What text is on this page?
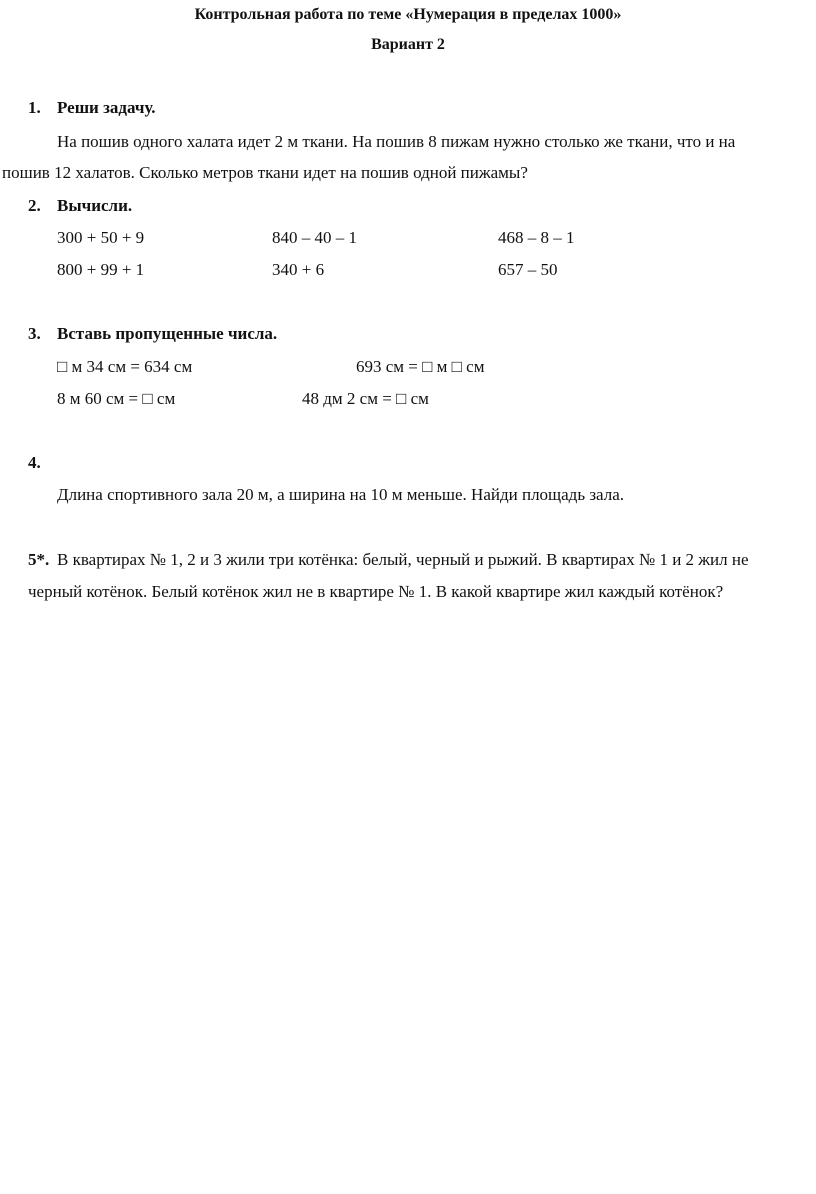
Контрольная работа по теме «Нумерация в пределах 1000»
Вариант 2
1. Реши задачу.
На пошив одного халата идет 2 м ткани. На пошив 8 пижам нужно столько же ткани, что и на
пошив 12 халатов. Сколько метров ткани идет на пошив одной пижамы?
2. Вычисли.
300 + 50 + 9	840 – 40 – 1	468 – 8 – 1
800 + 99 + 1	340 + 6	657 – 50
3. Вставь пропущенные числа.
□ м 34 см = 634 см	693 см = □ м □ см
8 м 60 см = □ см	48 дм 2 см = □ см
4.
Длина спортивного зала 20 м, а ширина на 10 м меньше. Найди площадь зала.
5*. В квартирах № 1, 2 и 3 жили три котёнка: белый, черный и рыжий. В квартирах № 1 и 2 жил не
черный котёнок. Белый котёнок жил не в квартире № 1. В какой квартире жил каждый котёнок?
